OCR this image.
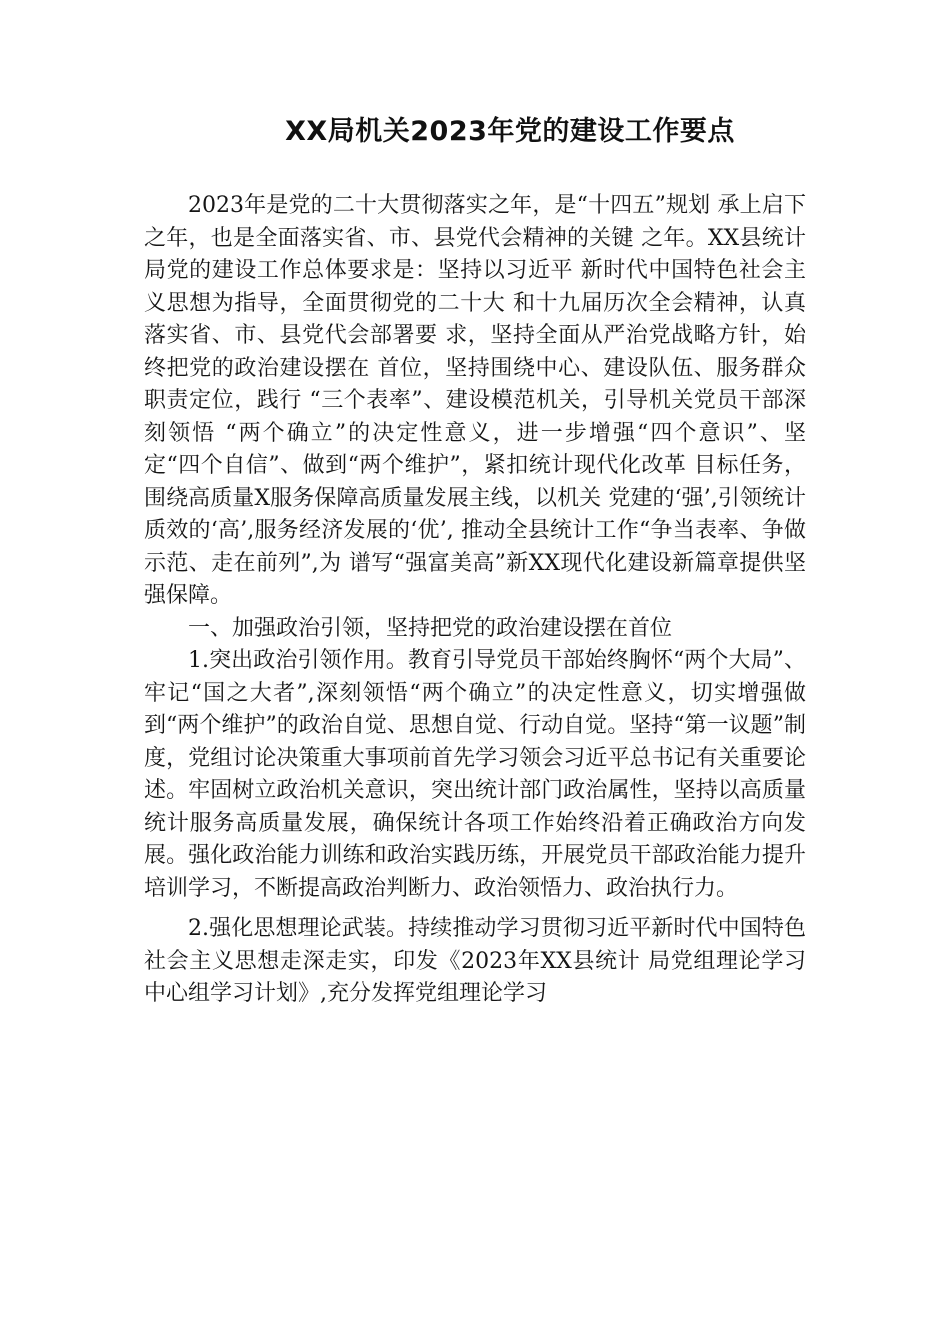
XX局机关2023年党的建设工作要点

2023年是党的二十大贯彻落实之年，是“十四五”规划 承上启下之年，也是全面落实省、市、县党代会精神的关键 之年。XX县统计局党的建设工作总体要求是：坚持以习近平 新时代中国特色社会主义思想为指导，全面贯彻党的二十大 和十九届历次全会精神，认真落实省、市、县党代会部署要 求，坚持全面从严治党战略方针，始终把党的政治建设摆在 首位，坚持围绕中心、建设队伍、服务群众职责定位，践行 “三个表率”、建设模范机关，引导机关党员干部深刻领悟 “两个确立”的决定性意义，进一步增强“四个意识”、坚 定“四个自信”、做到“两个维护”，紧扣统计现代化改革 目标任务，围绕高质量X服务保障高质量发展主线，以机关 党建的‘强’,引领统计质效的‘高’,服务经济发展的‘优’, 推动全县统计工作“争当表率、争做示范、走在前列”,为 谱写“强富美高”新XX现代化建设新篇章提供坚强保障。

一、加强政治引领，坚持把党的政治建设摆在首位

1.突出政治引领作用。教育引导党员干部始终胸怀“两个大局”、牢记“国之大者”,深刻领悟“两个确立”的决定性意义，切实增强做到“两个维护”的政治自觉、思想自觉、行动自觉。坚持“第一议题”制度，党组讨论决策重大事项前首先学习领会习近平总书记有关重要论述。牢固树立政治机关意识，突出统计部门政治属性，坚持以高质量统计服务高质量发展，确保统计各项工作始终沿着正确政治方向发展。强化政治能力训练和政治实践历练，开展党员干部政治能力提升培训学习，不断提高政治判断力、政治领悟力、政治执行力。

2.强化思想理论武装。持续推动学习贯彻习近平新时代中国特色社会主义思想走深走实，印发《2023年XX县统计 局党组理论学习中心组学习计划》,充分发挥党组理论学习
